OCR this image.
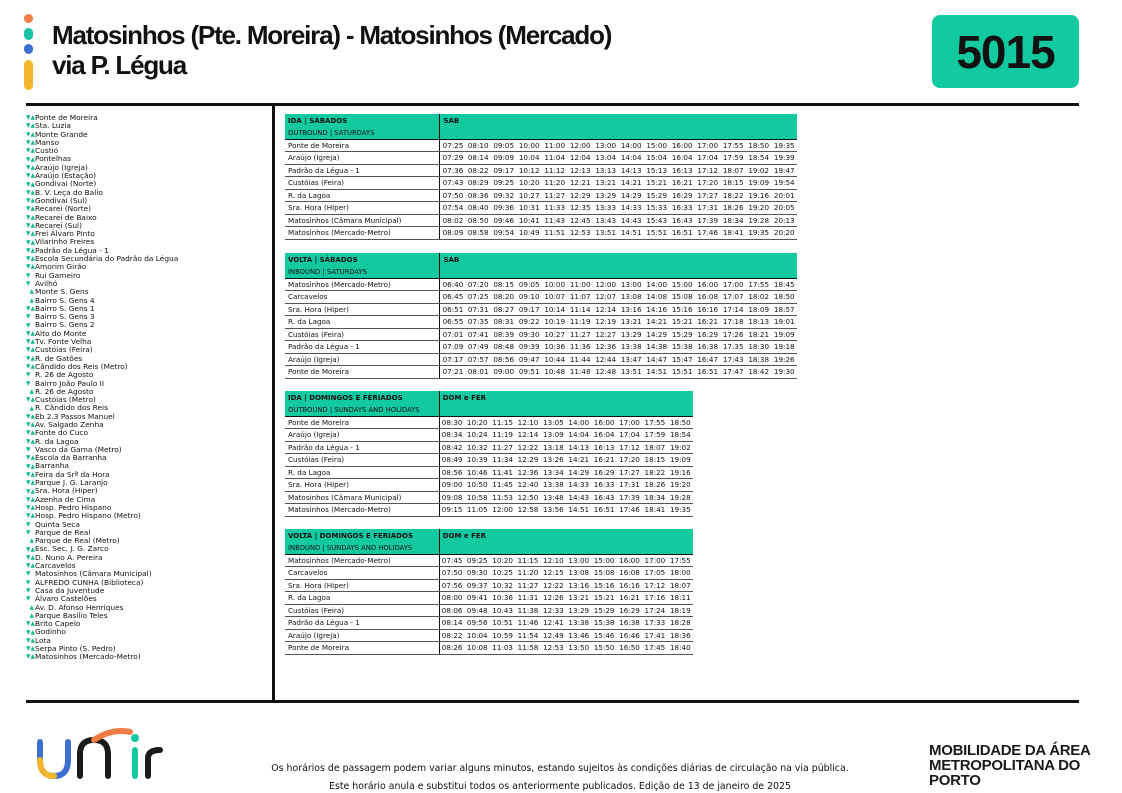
Matosinhos (Pte. Moreira) - Matosinhos (Mercado)
via P. Légua	5015
▼▲ Ponte de Moreira
▼▲ Sta. Luzia
▼▲ Monte Grande
▼▲ Manso
▼▲ Custió
▼▲ Pontelhas
▼▲ Araújo (Igreja)
▼▲ Araújo (Estação)
▼▲ Gondivai (Norte)
▼▲ B. V. Leça do Balio
▼▲ Gondivai (Sul)
▼▲ Recarei (Norte)
▼▲ Recarei de Baixo
▼▲ Recarei (Sul)
▼▲ Frei Álvaro Pinto
▼▲ Vilarinho Freires
▼▲ Padrão da Légua - 1
▼▲ Escola Secundária do Padrão da Légua
▼▲ Amorim Girão
▼ Rui Gameiro
▼ Avilhó
▲ Monte S. Gens
▲ Bairro S. Gens 4
▼▲ Bairro S. Gens 1
▼ Bairro S. Gens 3
▼ Bairro S. Gens 2
▼▲ Alto do Monte
▼▲ Tv. Fonte Velha
▼▲ Custóias (Feira)
▼▲ R. de Gatões
▼▲ Cândido dos Reis (Metro)
▼ R. 26 de Agosto
▼ Bairro João Paulo II
▲ R. 26 de Agosto
▼▲ Custóias (Metro)
▲ R. Cândido dos Reis
▼▲ Eb 2.3 Passos Manuel
▼▲ Av. Salgado Zenha
▼▲ Fonte do Cuco
▼▲ R. da Lagoa
▼ Vasco da Gama (Metro)
▼▲ Escola da Barranha
▼▲ Barranha
▼▲ Feira da Srª da Hora
▼▲ Parque J. G. Laranjo
▼▲ Sra. Hora (Hiper)
▼▲ Azenha de Cima
▼▲ Hosp. Pedro Hispano
▼▲ Hosp. Pedro Hispano (Metro)
▼ Quinta Seca
▼ Parque de Real
▲ Parque de Real (Metro)
▼▲ Esc. Sec. J. G. Zarco
▼▲ D. Nuno A. Pereira
▼▲ Carcavelos
▼ Matosinhos (Câmara Municipal)
▼ ALFREDO CUNHA (Biblioteca)
▼ Casa da Juventude
▼ Álvaro Castelões
▲ Av. D. Afonso Henriques
▲ Parque Basílio Teles
▼▲ Brito Capelo
▼▲ Godinho
▼▲ Lota
▼▲ Serpa Pinto (S. Pedro)
▼▲ Matosinhos (Mercado-Metro)
IDA | SÁBADOS	SAB													
OUTBOUND | SATURDAYS														
Ponte de Moreira	07:25	08:10	09:05	10:00	11:00	12:00	13:00	14:00	15:00	16:00	17:00	17:55	18:50	19:35
Araújo (Igreja)	07:29	08:14	09:09	10:04	11:04	12:04	13:04	14:04	15:04	16:04	17:04	17:59	18:54	19:39
Padrão da Légua - 1	07:36	08:22	09:17	10:12	11:12	12:13	13:13	14:13	15:13	16:13	17:12	18:07	19:02	19:47
Custóias (Feira)	07:43	08:29	09:25	10:20	11:20	12:21	13:21	14:21	15:21	16:21	17:20	18:15	19:09	19:54
R. da Lagoa	07:50	08:36	09:32	10:27	11:27	12:29	13:29	14:29	15:29	16:29	17:27	18:22	19:16	20:01
Sra. Hora (Hiper)	07:54	08:40	09:36	10:31	11:33	12:35	13:33	14:33	15:33	16:33	17:31	18:26	19:20	20:05
Matosinhos (Câmara Municipal)	08:02	08:50	09:46	10:41	11:43	12:45	13:43	14:43	15:43	16:43	17:39	18:34	19:28	20:13
Matosinhos (Mercado-Metro)	08:09	08:58	09:54	10:49	11:51	12:53	13:51	14:51	15:51	16:51	17:46	18:41	19:35	20:20
VOLTA | SÁBADOS	SAB													
INBOUND | SATURDAYS														
Matosinhos (Mercado-Metro)	06:40	07:20	08:15	09:05	10:00	11:00	12:00	13:00	14:00	15:00	16:00	17:00	17:55	18:45
Carcavelos	06:45	07:25	08:20	09:10	10:07	11:07	12:07	13:08	14:08	15:08	16:08	17:07	18:02	18:50
Sra. Hora (Hiper)	06:51	07:31	08:27	09:17	10:14	11:14	12:14	13:16	14:16	15:16	16:16	17:14	18:09	18:57
R. da Lagoa	06:55	07:35	08:31	09:22	10:19	11:19	12:19	13:21	14:21	15:21	16:21	17:18	18:13	19:01
Custóias (Feira)	07:01	07:41	08:39	09:30	10:27	11:27	12:27	13:29	14:29	15:29	16:29	17:26	18:21	19:09
Padrão da Légua - 1	07:09	07:49	08:48	09:39	10:36	11:36	12:36	13:38	14:38	15:38	16:38	17:35	18:30	19:18
Araújo (Igreja)	07:17	07:57	08:56	09:47	10:44	11:44	12:44	13:47	14:47	15:47	16:47	17:43	18:38	19:26
Ponte de Moreira	07:21	08:01	09:00	09:51	10:48	11:48	12:48	13:51	14:51	15:51	16:51	17:47	18:42	19:30
IDA | DOMINGOS E FERIADOS	DOM e FER									
OUTBOUND | SUNDAYS AND HOLIDAYS										
Ponte de Moreira	08:30	10:20	11:15	12:10	13:05	14:00	16:00	17:00	17:55	18:50
Araújo (Igreja)	08:34	10:24	11:19	12:14	13:09	14:04	16:04	17:04	17:59	18:54
Padrão da Légua - 1	08:42	10:32	11:27	12:22	13:18	14:13	16:13	17:12	18:07	19:02
Custóias (Feira)	08:49	10:39	11:34	12:29	13:26	14:21	16:21	17:20	18:15	19:09
R. da Lagoa	08:56	10:46	11:41	12:36	13:34	14:29	16:29	17:27	18:22	19:16
Sra. Hora (Hiper)	09:00	10:50	11:45	12:40	13:38	14:33	16:33	17:31	18:26	19:20
Matosinhos (Câmara Municipal)	09:08	10:58	11:53	12:50	13:48	14:43	16:43	17:39	18:34	19:28
Matosinhos (Mercado-Metro)	09:15	11:05	12:00	12:58	13:56	14:51	16:51	17:46	18:41	19:35
VOLTA | DOMINGOS E FERIADOS	DOM e FER									
INBOUND | SUNDAYS AND HOLIDAYS										
Matosinhos (Mercado-Metro)	07:45	09:25	10:20	11:15	12:10	13:00	15:00	16:00	17:00	17:55
Carcavelos	07:50	09:30	10:25	11:20	12:15	13:08	15:08	16:08	17:05	18:00
Sra. Hora (Hiper)	07:56	09:37	10:32	11:27	12:22	13:16	15:16	16:16	17:12	18:07
R. da Lagoa	08:00	09:41	10:36	11:31	12:26	13:21	15:21	16:21	17:16	18:11
Custóias (Feira)	08:06	09:48	10:43	11:38	12:33	13:29	15:29	16:29	17:24	18:19
Padrão da Légua - 1	08:14	09:56	10:51	11:46	12:41	13:38	15:38	16:38	17:33	18:28
Araújo (Igreja)	08:22	10:04	10:59	11:54	12:49	13:46	15:46	16:46	17:41	18:36
Ponte de Moreira	08:26	10:08	11:03	11:58	12:53	13:50	15:50	16:50	17:45	18:40
Os horários de passagem podem variar alguns minutos, estando sujeitos às condições diárias de circulação na via pública.
Este horário anula e substitui todos os anteriormente publicados. Edição de 13 de janeiro de 2025
MOBILIDADE DA ÁREA
METROPOLITANA DO PORTO
